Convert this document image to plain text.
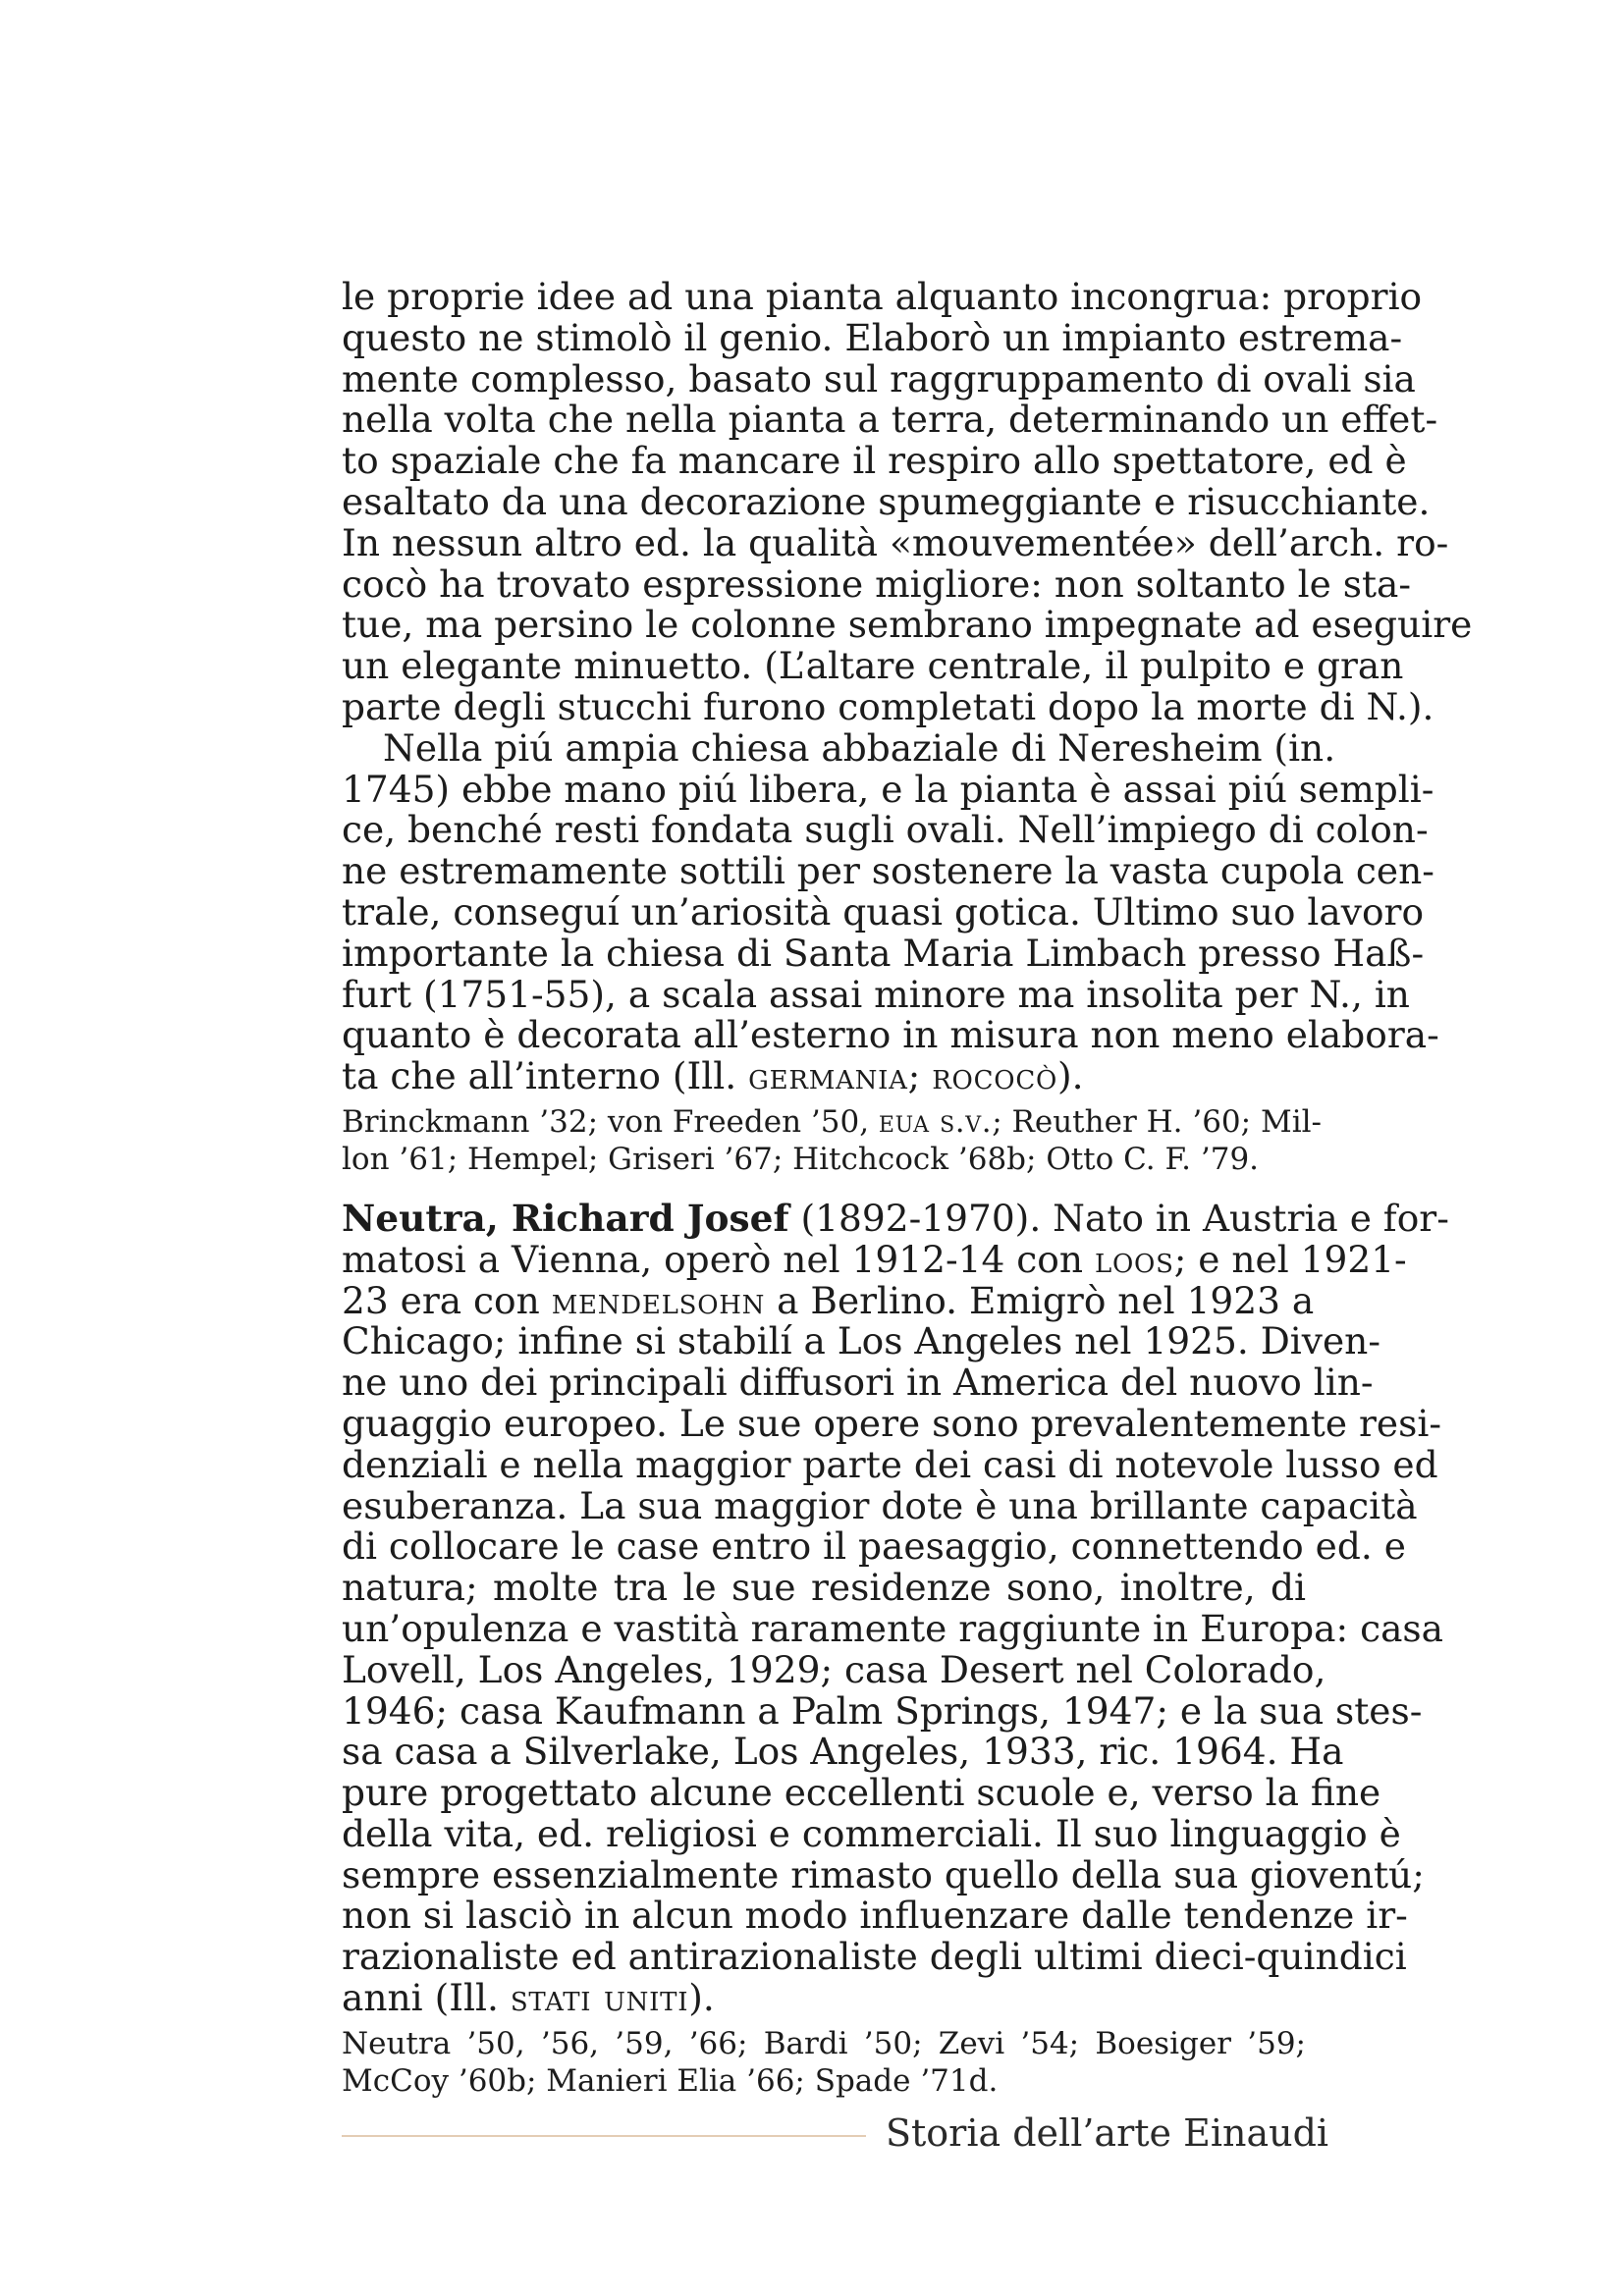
le proprie idee ad una pianta alquanto incongrua: proprio
questo ne stimolò il genio. Elaborò un impianto estrema-
mente complesso, basato sul raggruppamento di ovali sia
nella volta che nella pianta a terra, determinando un effet-
to spaziale che fa mancare il respiro allo spettatore, ed è
esaltato da una decorazione spumeggiante e risucchiante.
In nessun altro ed. la qualità «mouvementée» dell’arch. ro-
cocò ha trovato espressione migliore: non soltanto le sta-
tue, ma persino le colonne sembrano impegnate ad eseguire
un elegante minuetto. (L’altare centrale, il pulpito e gran
parte degli stucchi furono completati dopo la morte di N.).
Nella piú ampia chiesa abbaziale di Neresheim (in.
1745) ebbe mano piú libera, e la pianta è assai piú sempli-
ce, benché resti fondata sugli ovali. Nell’impiego di colon-
ne estremamente sottili per sostenere la vasta cupola cen-
trale, conseguí un’ariosità quasi gotica. Ultimo suo lavoro
importante la chiesa di Santa Maria Limbach presso Haß-
furt (1751-55), a scala assai minore ma insolita per N., in
quanto è decorata all’esterno in misura non meno elabora-
ta che all’interno (Ill. germania; rococò).
Brinckmann ’32; von Freeden ’50, eua s.v.; Reuther H. ’60; Mil-
lon ’61; Hempel; Griseri ’67; Hitchcock ’68b; Otto C. F. ’79.
Neutra, Richard Josef (1892-1970). Nato in Austria e for-
matosi a Vienna, operò nel 1912-14 con loos; e nel 1921-
23 era con mendelsohn a Berlino. Emigrò nel 1923 a
Chicago; infine si stabilí a Los Angeles nel 1925. Diven-
ne uno dei principali diffusori in America del nuovo lin-
guaggio europeo. Le sue opere sono prevalentemente resi-
denziali e nella maggior parte dei casi di notevole lusso ed
esuberanza. La sua maggior dote è una brillante capacità
di collocare le case entro il paesaggio, connettendo ed. e
natura; molte tra le sue residenze sono, inoltre, di
un’opulenza e vastità raramente raggiunte in Europa: casa
Lovell, Los Angeles, 1929; casa Desert nel Colorado,
1946; casa Kaufmann a Palm Springs, 1947; e la sua stes-
sa casa a Silverlake, Los Angeles, 1933, ric. 1964. Ha
pure progettato alcune eccellenti scuole e, verso la fine
della vita, ed. religiosi e commerciali. Il suo linguaggio è
sempre essenzialmente rimasto quello della sua gioventú;
non si lasciò in alcun modo influenzare dalle tendenze ir-
razionaliste ed antirazionaliste degli ultimi dieci-quindici
anni (Ill. stati uniti).
Neutra ’50, ’56, ’59, ’66; Bardi ’50; Zevi ’54; Boesiger ’59;
McCoy ’60b; Manieri Elia ’66; Spade ’71d.
Storia dell’arte Einaudi
